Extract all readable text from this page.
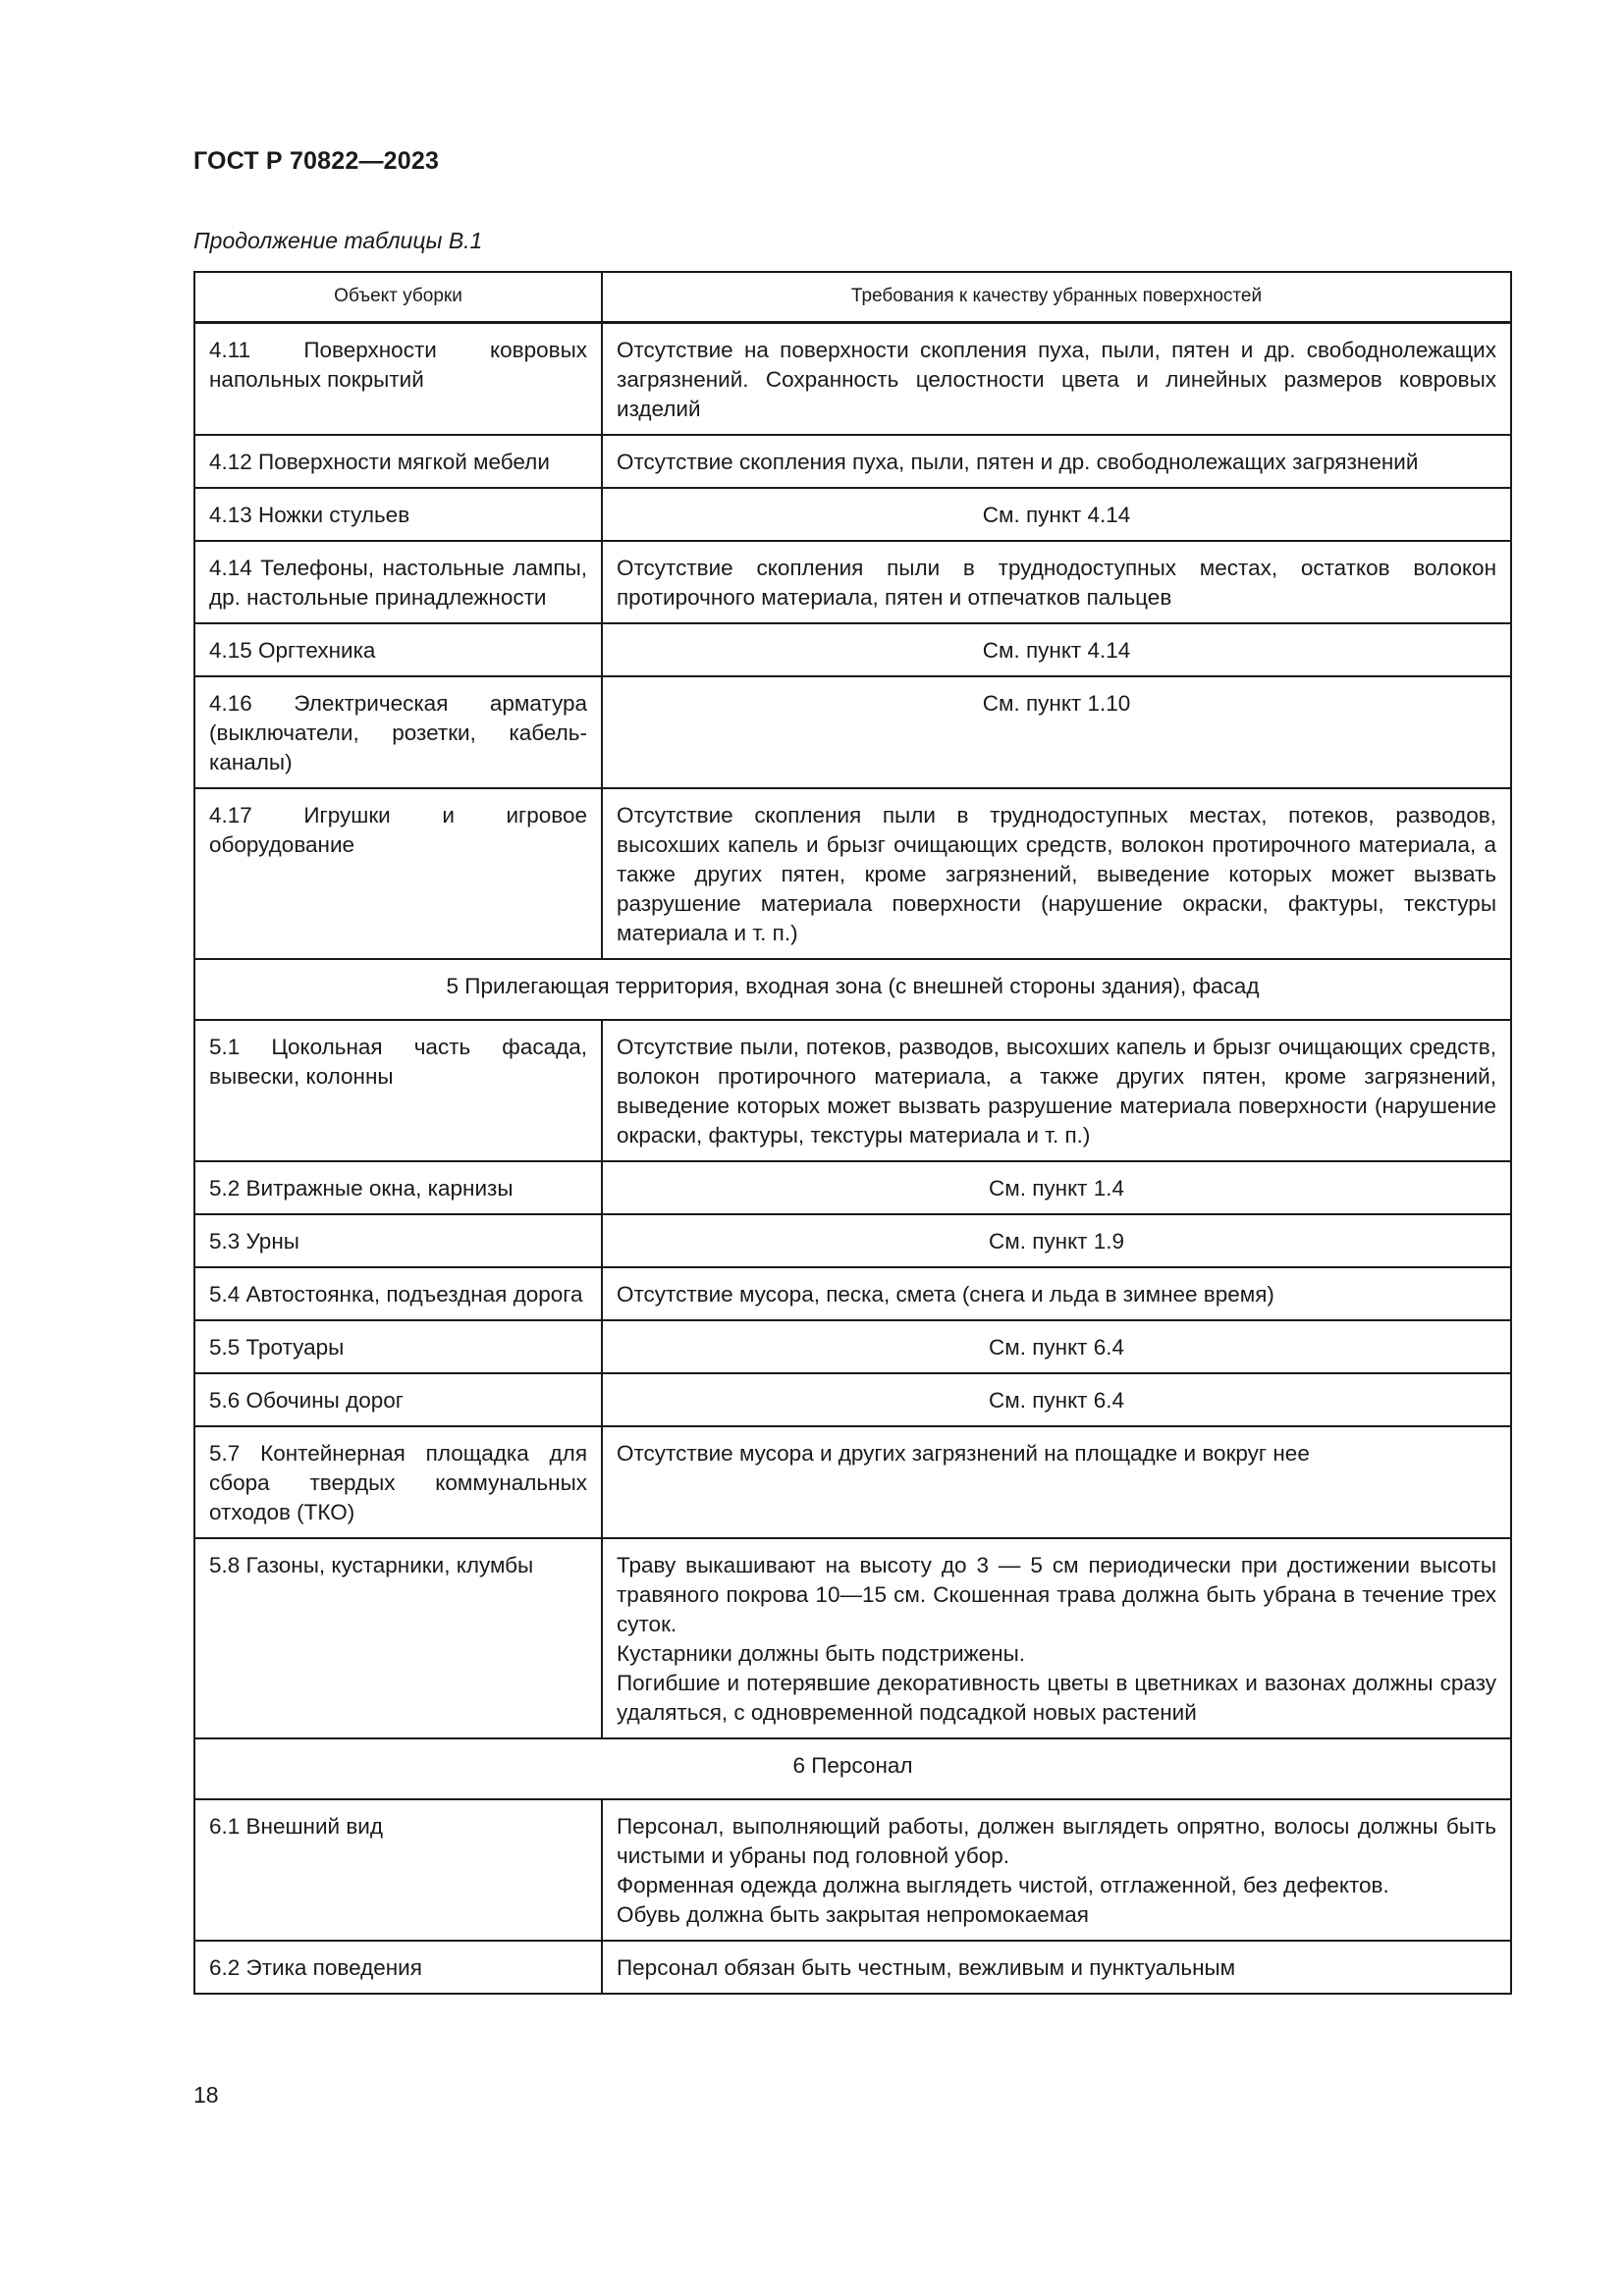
ГОСТ Р 70822—2023
Продолжение таблицы В.1
Объект уборки	Требования к качеству убранных поверхностей
4.11 Поверхности ковровых напольных покрытий	Отсутствие на поверхности скопления пуха, пыли, пятен и др. свободнолежащих загрязнений. Сохранность целостности цвета и линейных размеров ковровых изделий
4.12 Поверхности мягкой мебели	Отсутствие скопления пуха, пыли, пятен и др. свободнолежащих загрязнений
4.13 Ножки стульев	См. пункт 4.14
4.14 Телефоны, настольные лампы, др. настольные принадлежности	Отсутствие скопления пыли в труднодоступных местах, остатков волокон протирочного материала, пятен и отпечатков пальцев
4.15 Оргтехника	См. пункт 4.14
4.16 Электрическая арматура (выключатели, розетки, кабель-каналы)	См. пункт 1.10
4.17 Игрушки и игровое оборудование	Отсутствие скопления пыли в труднодоступных местах, потеков, разводов, высохших капель и брызг очищающих средств, волокон протирочного материала, а также других пятен, кроме загрязнений, выведение которых может вызвать разрушение материала поверхности (нарушение окраски, фактуры, текстуры материала и т. п.)
5 Прилегающая территория, входная зона (с внешней стороны здания), фасад	
5.1 Цокольная часть фасада, вывески, колонны	Отсутствие пыли, потеков, разводов, высохших капель и брызг очищающих средств, волокон протирочного материала, а также других пятен, кроме загрязнений, выведение которых может вызвать разрушение материала поверхности (нарушение окраски, фактуры, текстуры материала и т. п.)
5.2 Витражные окна, карнизы	См. пункт 1.4
5.3 Урны	См. пункт 1.9
5.4 Автостоянка, подъездная дорога	Отсутствие мусора, песка, смета (снега и льда в зимнее время)
5.5 Тротуары	См. пункт 6.4
5.6 Обочины дорог	См. пункт 6.4
5.7 Контейнерная площадка для сбора твердых коммунальных отходов (ТКО)	Отсутствие мусора и других загрязнений на площадке и вокруг нее
5.8 Газоны, кустарники, клумбы	Траву выкашивают на высоту до 3 — 5 см периодически при достижении высоты травяного покрова 10—15 см. Скошенная трава должна быть убрана в течение трех суток.
Кустарники должны быть подстрижены.
Погибшие и потерявшие декоративность цветы в цветниках и вазонах должны сразу удаляться, с одновременной подсадкой новых растений

6 Персонал	
6.1 Внешний вид	Персонал, выполняющий работы, должен выглядеть опрятно, волосы должны быть чистыми и убраны под головной убор.
Форменная одежда должна выглядеть чистой, отглаженной, без дефектов.
Обувь должна быть закрытая непромокаемая

6.2 Этика поведения	Персонал обязан быть честным, вежливым и пунктуальным
18
